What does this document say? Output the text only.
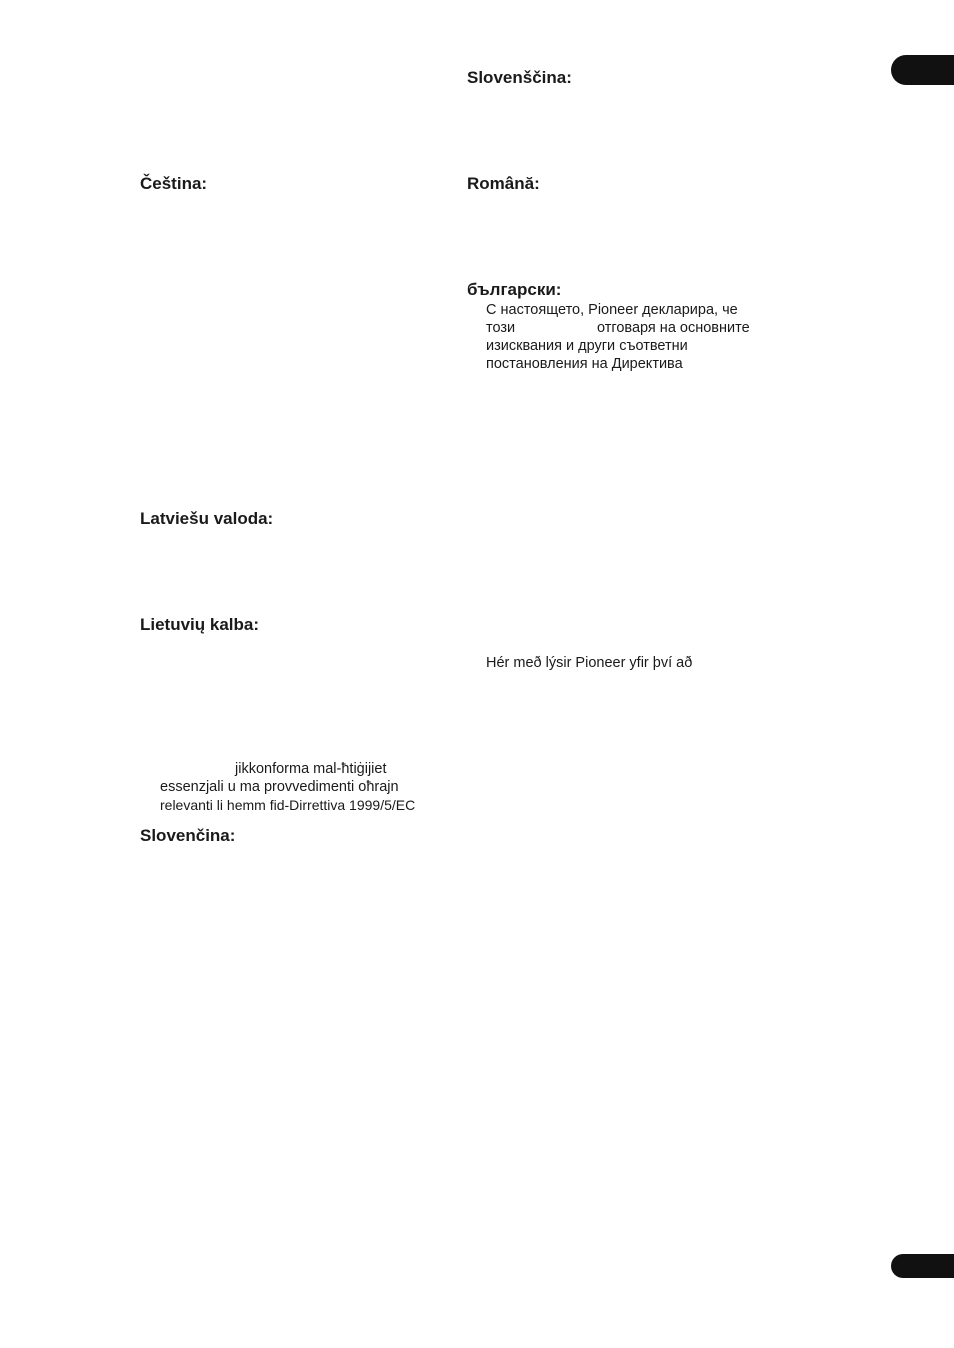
Čeština:
Latviešu valoda:
Lietuvių kalba:
jikkonforma mal-ħtiġijiet
essenzjali u ma provvedimenti oħrajn
relevanti li hemm fid-Dirrettiva 1999/5/EC
Slovenčina:
Slovenščina:
Română:
български:
С настоящето, Pioneer декларира, че
този	отговаря на основните
изисквания и други съответни
постановления на Директива
Hér með lýsir Pioneer yfir því að
